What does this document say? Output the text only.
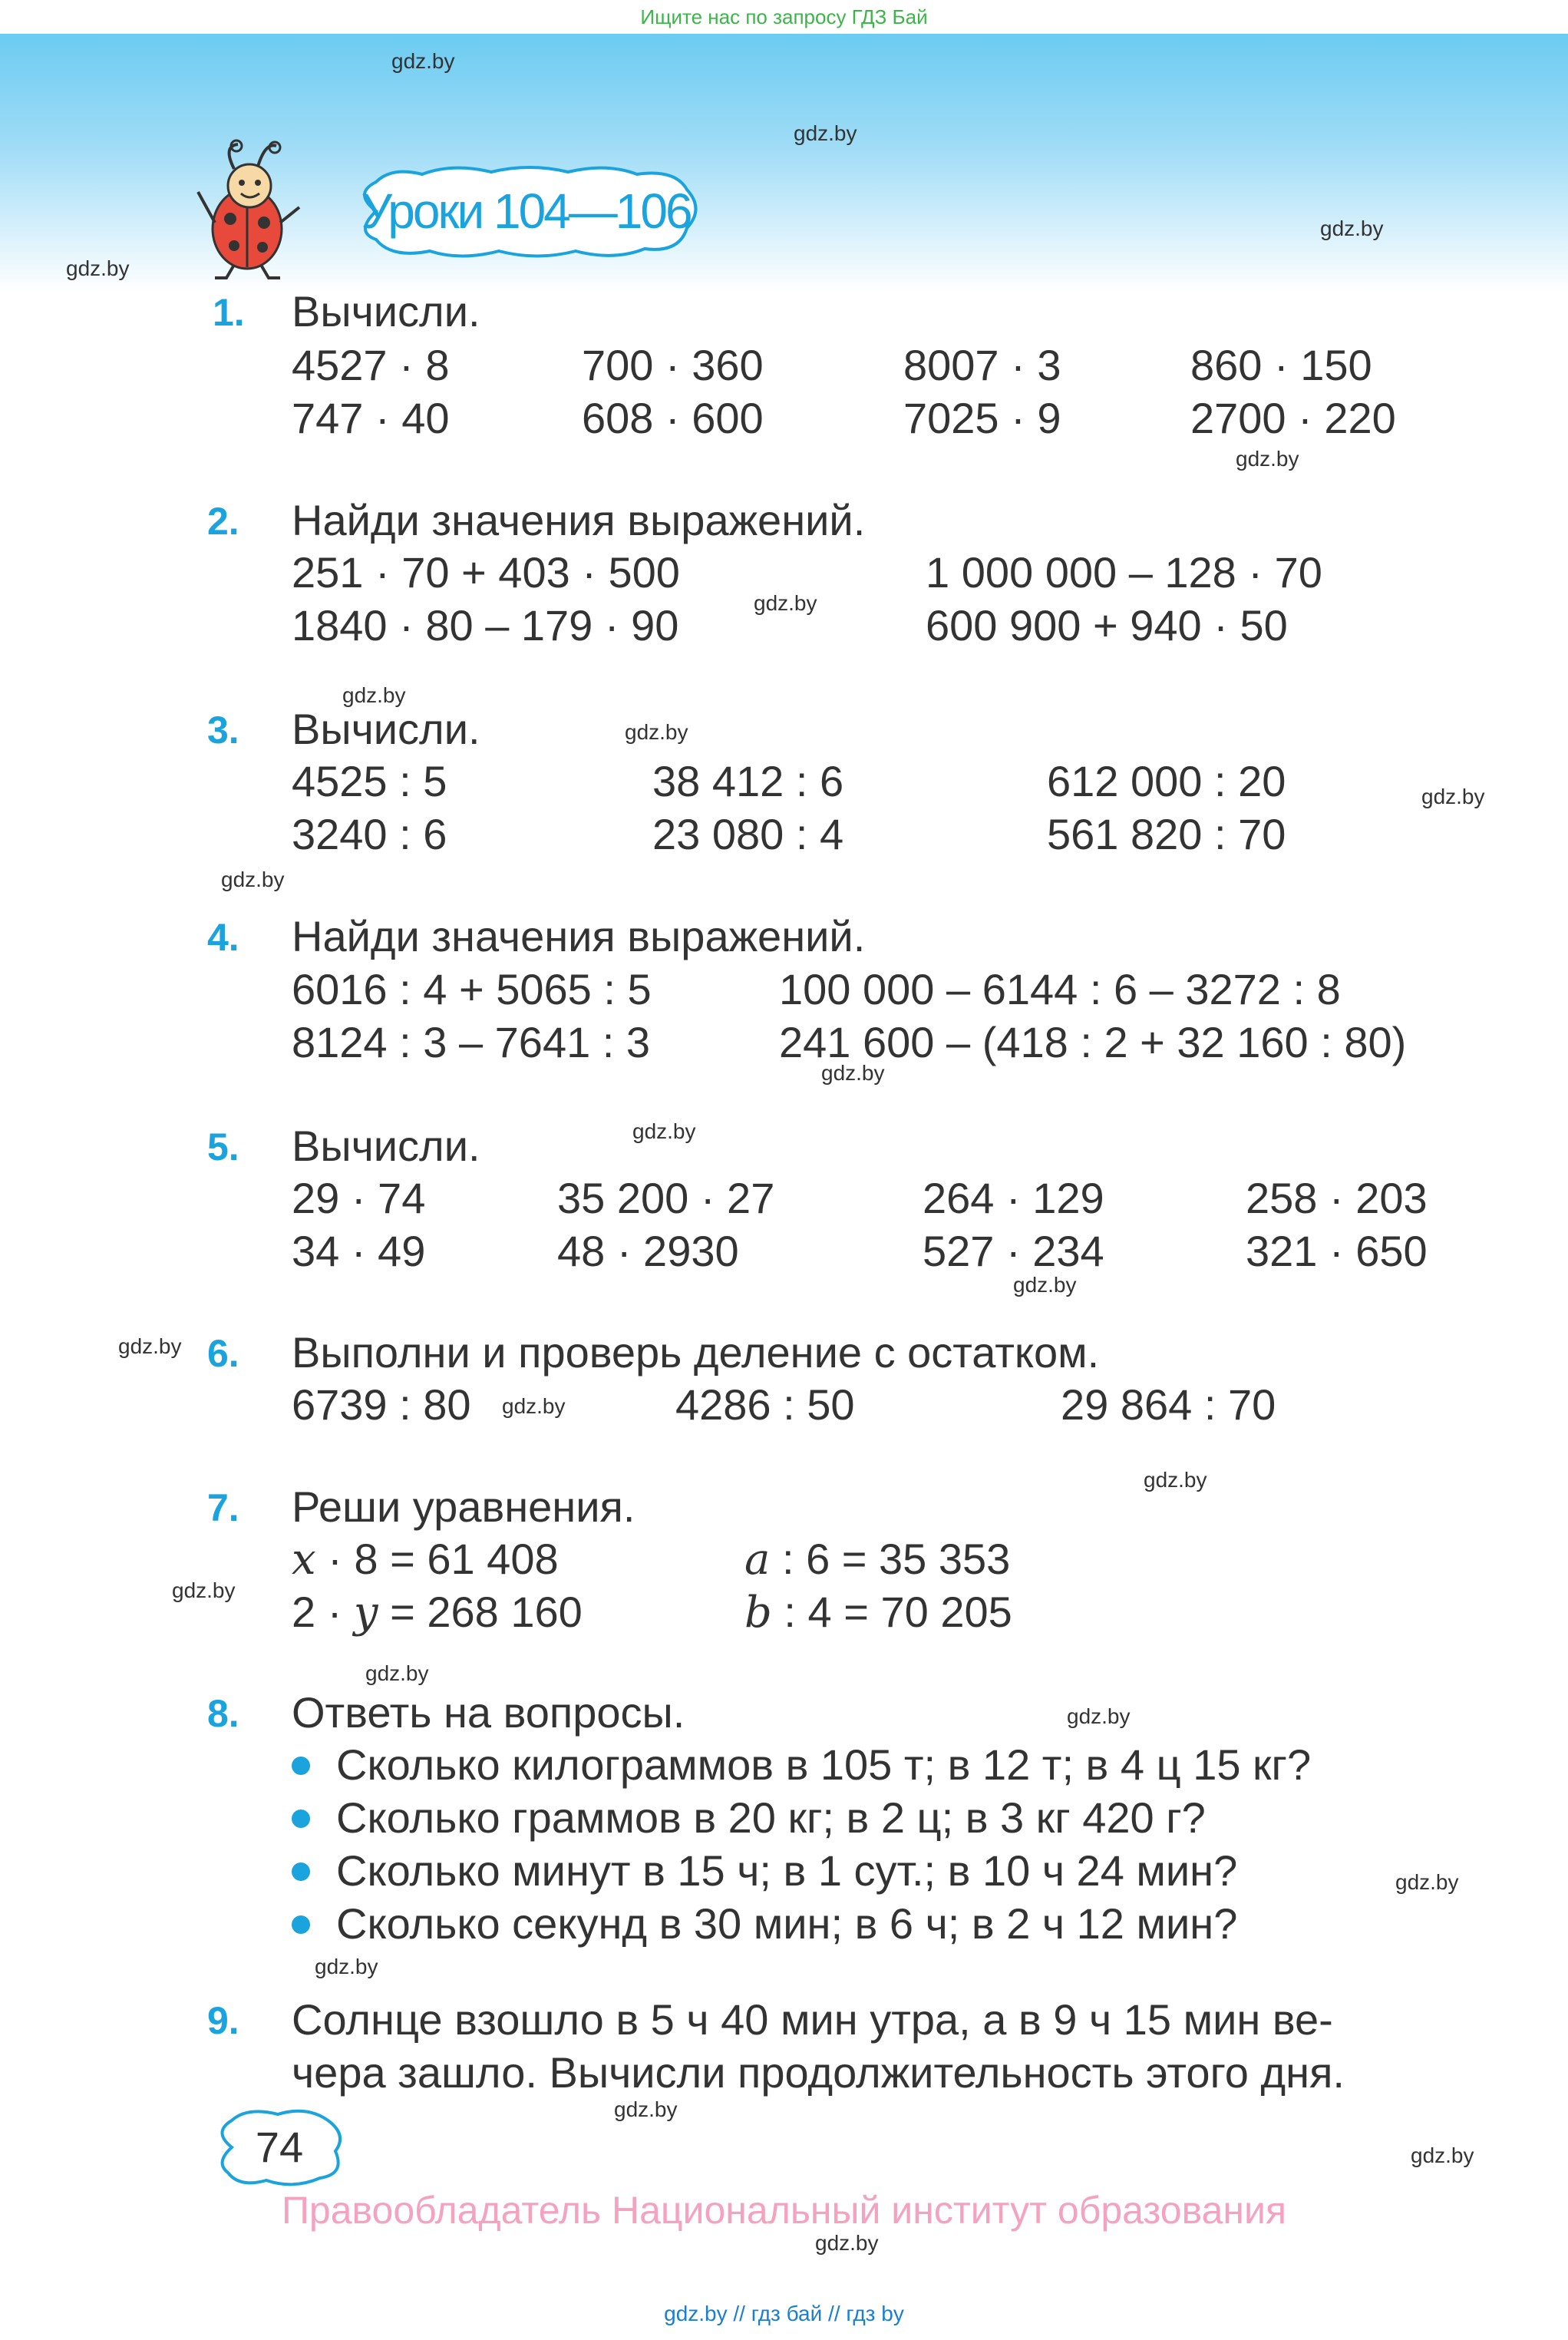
Ищите нас по запросу ГДЗ Бай
Уроки 104—106
1. Вычисли.
4527 · 8	700 · 360	8007 · 3	860 · 150
747 · 40	608 · 600	7025 · 9	2700 · 220
2. Найди значения выражений.
251 · 70 + 403 · 500	1 000 000 – 128 · 70
1840 · 80 – 179 · 90	600 900 + 940 · 50
3. Вычисли.
4525 : 5	38 412 : 6	612 000 : 20
3240 : 6	23 080 : 4	561 820 : 70
4. Найди значения выражений.
6016 : 4 + 5065 : 5	100 000 – 6144 : 6 – 3272 : 8
8124 : 3 – 7641 : 3	241 600 – (418 : 2 + 32 160 : 80)
5. Вычисли.
29 · 74	35 200 · 27	264 · 129	258 · 203
34 · 49	48 · 2930	527 · 234	321 · 650
6. Выполни и проверь деление с остатком.
6739 : 80	4286 : 50	29 864 : 70
7. Реши уравнения.
x · 8 = 61 408	a : 6 = 35 353
2 · y = 268 160	b : 4 = 70 205
8. Ответь на вопросы.
Сколько килограммов в 105 т; в 12 т; в 4 ц 15 кг?
Сколько граммов в 20 кг; в 2 ц; в 3 кг 420 г?
Сколько минут в 15 ч; в 1 сут.; в 10 ч 24 мин?
Сколько секунд в 30 мин; в 6 ч; в 2 ч 12 мин?
9. Солнце взошло в 5 ч 40 мин утра, а в 9 ч 15 мин ве-
чера зашло. Вычисли продолжительность этого дня.
74
Правообладатель Национальный институт образования
gdz.by // гдз бай // гдз by
gdz.by
gdz.by
gdz.by
gdz.by
gdz.by
gdz.by
gdz.by
gdz.by
gdz.by
gdz.by
gdz.by
gdz.by
gdz.by
gdz.by
gdz.by
gdz.by
gdz.by
gdz.by
gdz.by
gdz.by
gdz.by
gdz.by
gdz.by
gdz.by
